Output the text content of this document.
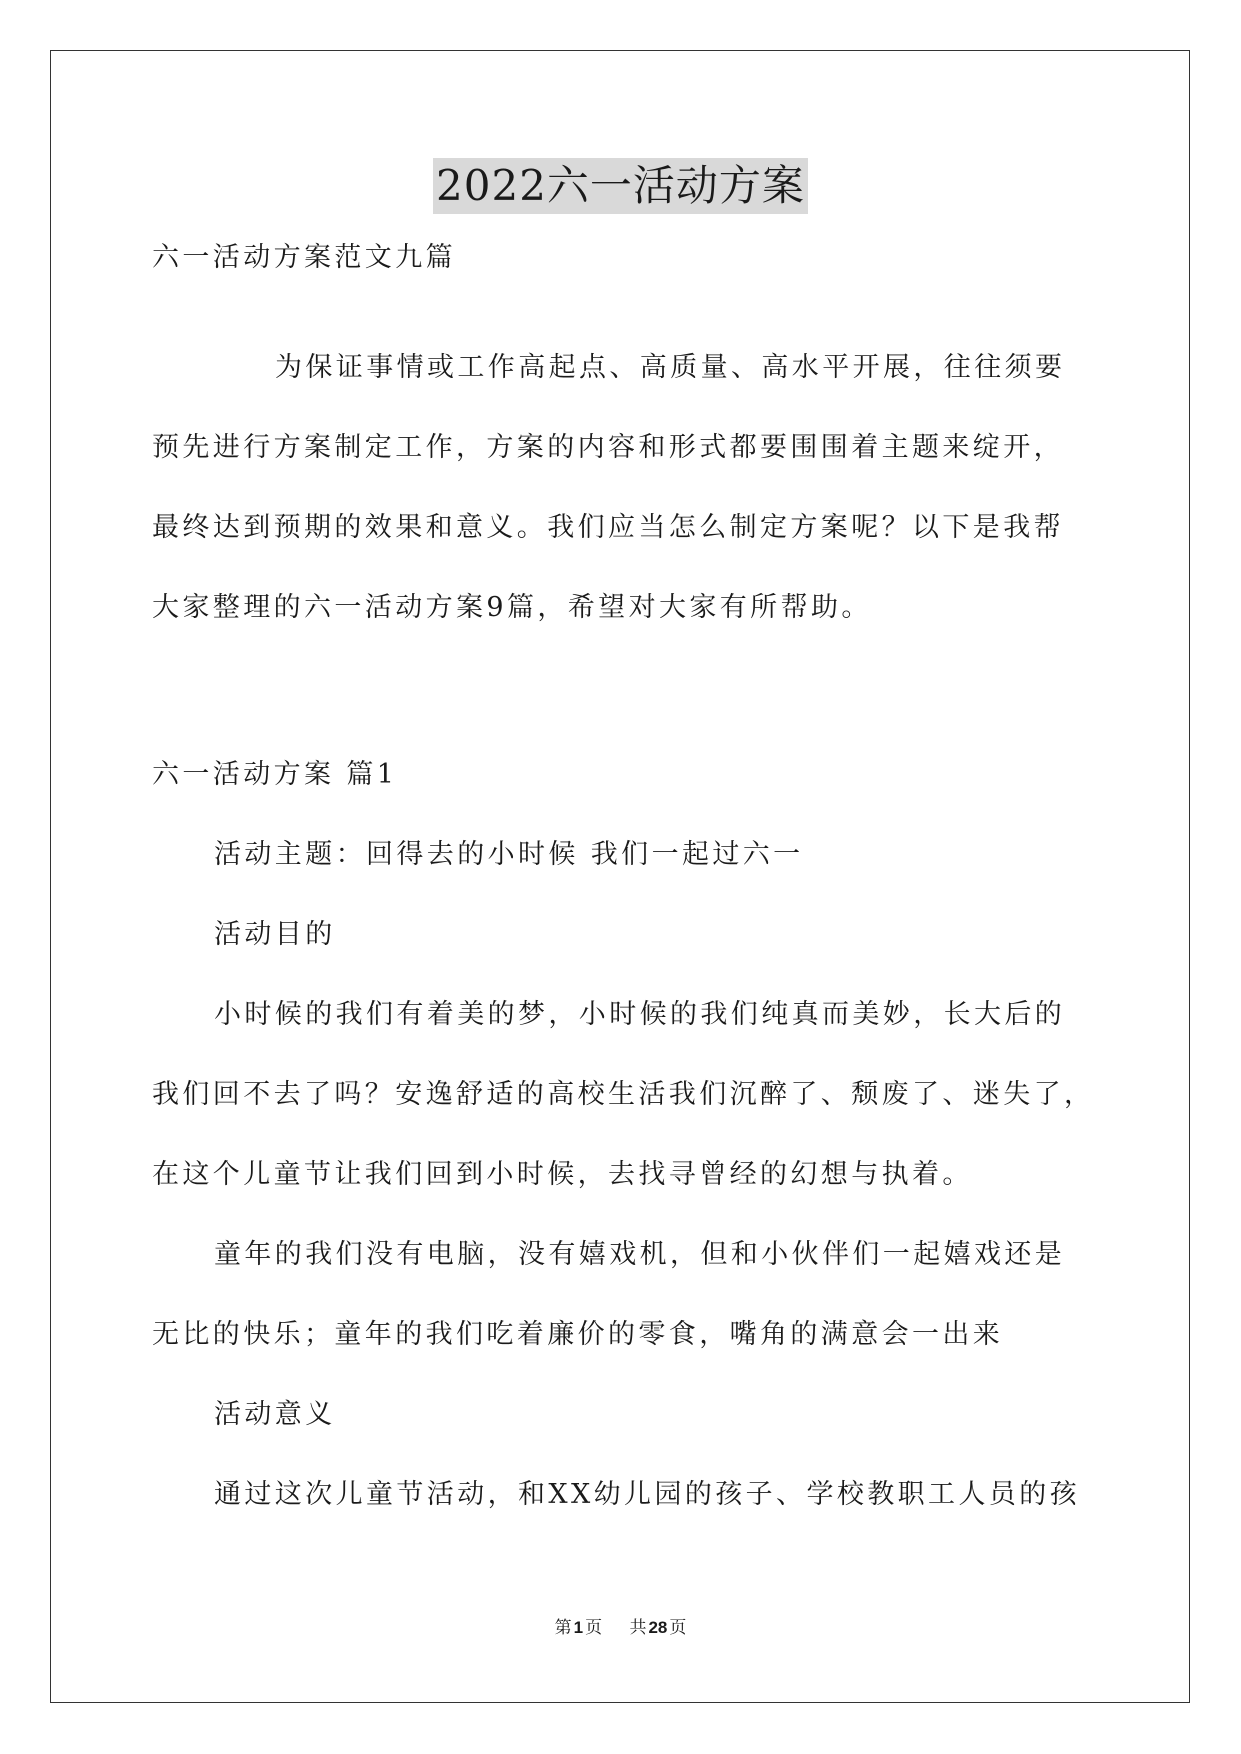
2022六一活动方案
六一活动方案范文九篇
为保证事情或工作高起点、高质量、高水平开展，往往须要
预先进行方案制定工作，方案的内容和形式都要围围着主题来绽开，
最终达到预期的效果和意义。我们应当怎么制定方案呢？以下是我帮
大家整理的六一活动方案9篇，希望对大家有所帮助。
六一活动方案 篇1
活动主题：回得去的小时候 我们一起过六一
活动目的
小时候的我们有着美的梦，小时候的我们纯真而美妙，长大后的
我们回不去了吗？安逸舒适的高校生活我们沉醉了、颓废了、迷失了，
在这个儿童节让我们回到小时候，去找寻曾经的幻想与执着。
童年的我们没有电脑，没有嬉戏机，但和小伙伴们一起嬉戏还是
无比的快乐；童年的我们吃着廉价的零食，嘴角的满意会一出来
活动意义
通过这次儿童节活动，和XX幼儿园的孩子、学校教职工人员的孩
第 1 页 共 28 页
